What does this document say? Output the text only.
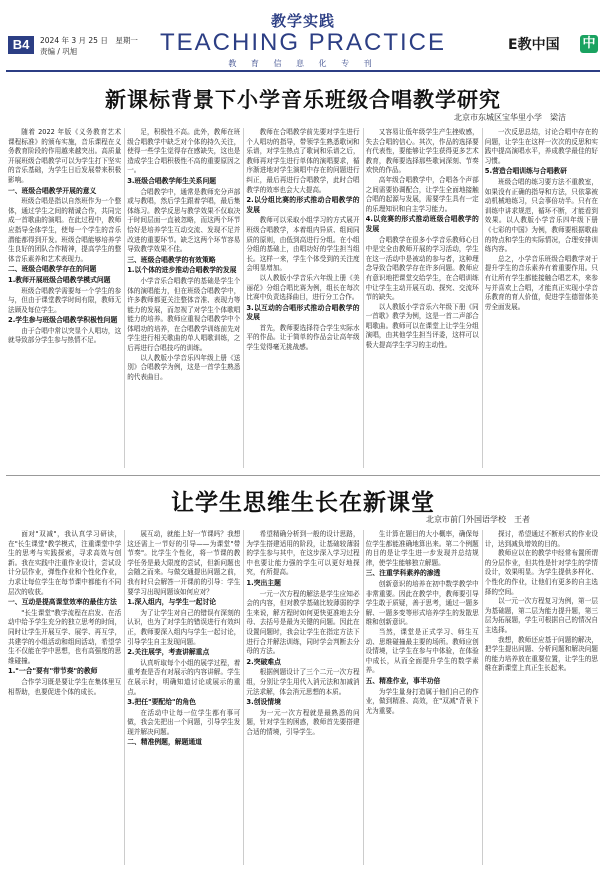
B4	2024 年 3 月 25 日　星期一
责编 / 巩旭
教学实践
TEACHING PRACTICE
教 育 信 息 化 专 刊
E教中国 中
新课标背景下小学音乐班级合唱教学研究
北京市东城区宝华里小学　梁洁

随着 2022 年版《义务教育艺术课程标准》的颁布实施，音乐课程在义务教育阶段的作用越来越突出。高质量开展班级合唱教学可以为学生打下坚实的音乐基础，为学生日后发展带来积极影响。

一、班级合唱教学开展的意义

班级合唱是指以自然班作为一个整体，通过学生之间的精诚合作，共同完成一首歌曲的演唱。在此过程中，教师应指导全体学生，使每一个学生的音乐潜能都得到开发。班级合唱能够培养学生良好的团队合作精神，提高学生的整体音乐素养和艺术表现力。

二、班级合唱教学存在的问题
1.教师开展班级合唱教学模式问题

班级合唱教学需要每一个学生的参与，但由于课堂教学时间有限，教师无法顾及每位学生。

2.学生参与班级合唱教学积极性问题

由于合唱中常以突显个人唱功，这就导致部分学生参与热情不足。

足，积极性不高。此外，教师在班级合唱教学中缺乏对个体的持久关注，使得一些学生觉得存在感缺失，这也是造成学生合唱积极性不高的重要原因之一。

3.班级合唱教学师生关系问题

合唱教学中，通常是教师充分声部或与教唱，然后学生跟着学唱，最后集体练习。教学反思与教学效果不仅取决于时间层面一直被忽略，而这两个环节恰好是培养学生互动交流、发现不足并改进的重要环节。缺乏这两个环节容易导致教学效果不佳。

三、班级合唱教学的有效策略
1.以个体的进步推动合唱教学的发展

小学音乐合唱教学的基础是学生个体的演唱能力，但在班级合唱教学中，许多教师都更关注整体音准、表现力等能力的发展，而忽视了对学生个体歌唱能力的培养。教师应重视合唱教学中个体唱功的培养，在合唱教学训练前先对学生进行相关歌曲的单人唱歌训练，之后再进行合唱技巧的训练。

以人教版小学音乐四年级上册《送别》合唱教学为例，这是一首学生熟悉的代表曲目。

教师在合唱教学前先要对学生进行个人唱功的指导，带领学生熟悉歌词和乐谱，对学生热点了歌词和乐谱之后，教师再对学生进行单体的演唱要求，循序渐进地对学生演唱中存在的问题进行纠正，最后再进行合唱教学，此时合唱教学的效率也会大大提高。

2.以分组比赛的形式推动合唱教学的发展

教师可以采取小组学习的方式展开班级合唱教学，本着组内异质、组间同质的原则，由低到高进行分组。在小组分组的基础上，由唱功好的学生担当组长。这样一来，学生个体受到的关注度会明显增加。

以人教版小学音乐六年级上册《美丽花》分组合唱比赛为例，组长在每次比赛中负责选择曲目，进行分工合作。

3.以互动的合唱形式推动合唱教学的发展

首先，教师要选择符合学生实际水平的作品。让于简单的作品会让高年级学生觉得毫无挑战感。

又容易让低年级学生产生挫败感，失去合唱的信心。其次，作品的选择要有代表性，要能够让学生获得更多艺术教育，教师要选择那些歌词深刻、节奏欢快的作品。

高年级合唱教学中，合唱各个声部之间需要协调配合，让学生全面地接触合唱的起源与发展，需要学生具有一定的乐理知识和自主学习能力。

4.以竞赛的形式推动班级合唱教学的发展

合唱教学在很多小学音乐教师心目中是完全由教师开展的学习活动，学生在这一活动中是被动的参与者，这种理念导致合唱教学存在许多问题。教师应有意识地把课堂交给学生，在合唱训练中让学生主动开展互动、探究、交流环节的缺失。

以人教版小学音乐六年级下册《同一首歌》教学为例，这是一首二声部合唱歌曲。教师可以在课堂上让学生分组演唱，由其他学生担当评委，这样可以极大提高学生学习的主动性。

一次反思总结，讨论合唱中存在的问题，让学生在这样一次次的反思和实践中提高演唱水平，养成教学最佳的好习惯。

5.营造合唱训练与合唱教研

班级合唱的练习要方法不重教室，如果没有正确的指导和方法，只依靠被动机械地练习，只会事倍功半。只有在训练中讲求规范，循环不断，才能看到效果。以人教版小学音乐四年级下册《七彩的中国》为例，教师要根据歌曲的特点和学生的实际情况，合理安排训练内容。

总之，小学音乐班级合唱教学对于提升学生的音乐素养有着重要作用。只有让所有学生都能接触合唱艺术，来参与并喜欢上合唱，才能真正实现小学音乐教育的育人价值，促进学生德智体美劳全面发展。

让学生思维生长在新课堂
北京市前门外国语学校　王者

面对"双减"，我认真学习研读，在"长生课堂"教学模式，注重课堂中学生的思考与实践探索，寻求高效与创新。我在实践中注重作业设计，尝试设计分层作业，弹性作业和个性化作业，力求让每位学生在每节课中都能有不同层次的收获。

一、互动是提高课堂效率的最佳方法

"长生课堂"教学流程在启发、在活动中给予学生充分的独立思考的时间，同时让学生开展互学、展学、再互学，共建学的小组活动和组间活动，希望学生不仅能在学中思想，也有高强度的思维碰撞。

1."一合"要有"带节奏"的教师

合作学习既是要让学生在集体里互相帮助，也要促进个体的成长。

展互动，就能上好一节课吗？我想这还需上一节好的引导——为课堂"带节奏"。比学生个性化，将一节课的教学任务是最大限度的尝试，但新问题也会随之而来。与做交通提出问题之前，我有时只会解答一开课前的引导：学生要学习出现问题该如何应对？

1.深入组内，与学生一起讨论

为了让学生对自己的错误有深刻的认识，也为了对学生的错误进行有效纠正，教师要深入组内与学生一起讨论，引导学生自主发现问题。

2.关注展学，考查讲解重点

认真听取每个小组的展学过程，着重考查是否有对展示的内容讲解。学生在展示时，明确知道讨论或展示的重点。

3.把任"要配给"的角色

在活动中让每一位学生都有事可做，我会先把出一个问题，引导学生发现并解决问题。

二、精准例题，解题通道

希望精确分析到一般的设计思路，为学生搭建适用的阶段，让基础较薄弱的学生参与其中，在这步深入学习过程中也要让能力强的学生可以更好地探究，有所提高。

1.突出主题

一元一次方程的解法是学生应知必会的内容，但对教学基础比较薄弱的学生来说，解方程时如何更快更准地去分母、去括号是最为关键的问题。因此在设置问题时，我会让学生在指定方法下进行合并解法训练，同时学会判断去分母的方法。

2.突破难点

根据例题设计了三个二元一次方程组，分别让学生用代入消元法和加减消元法求解，体会消元思想的本质。

3.创设情境

为一元一次方程就是最熟悉的问题，针对学生的困惑，教师首先要搭建合适的情境，引导学生。

生计算在题目的大小概率，确保每位学生都能准确地算出来。第二个例题的目的是让学生进一步发现并总结规律，使学生能够独立解题。

三、注重学科素养的渗透

创新意识的培养在初中数学教学中非常重要。因此在教学中，教师要引导学生敢于质疑，善于思考，通过一题多解、一题多变等形式培养学生的发散思维和创新意识。

当然，课堂是正式学习、师生互动、思维碰撞最主要的场所。教师应创设情境，让学生在参与中体验，在体验中成长，从而全面提升学生的数学素养。

五、精准作业，事半功倍

为学生量身打造属于他们自己的作业，做到精准、高效，在"双减"背景下尤为重要。

探讨，希望通过不断形式的作业设计，达到减负增效的目的。

教师应以在的教学中经常布置所谓的分层作业，但共性是针对学生的学情设计，效果明显。为学生提供多样化、个性化的作业，让他们有更多的自主选择的空间。

以一元一次方程复习为例，第一层为基础题，第二层为能力提升题，第三层为拓展题，学生可根据自己的情况自主选择。

我想，教师还应基于问题的解决，把学生提出问题、分析问题和解决问题的能力培养放在重要位置，让学生的思维在新课堂上真正生长起来。
